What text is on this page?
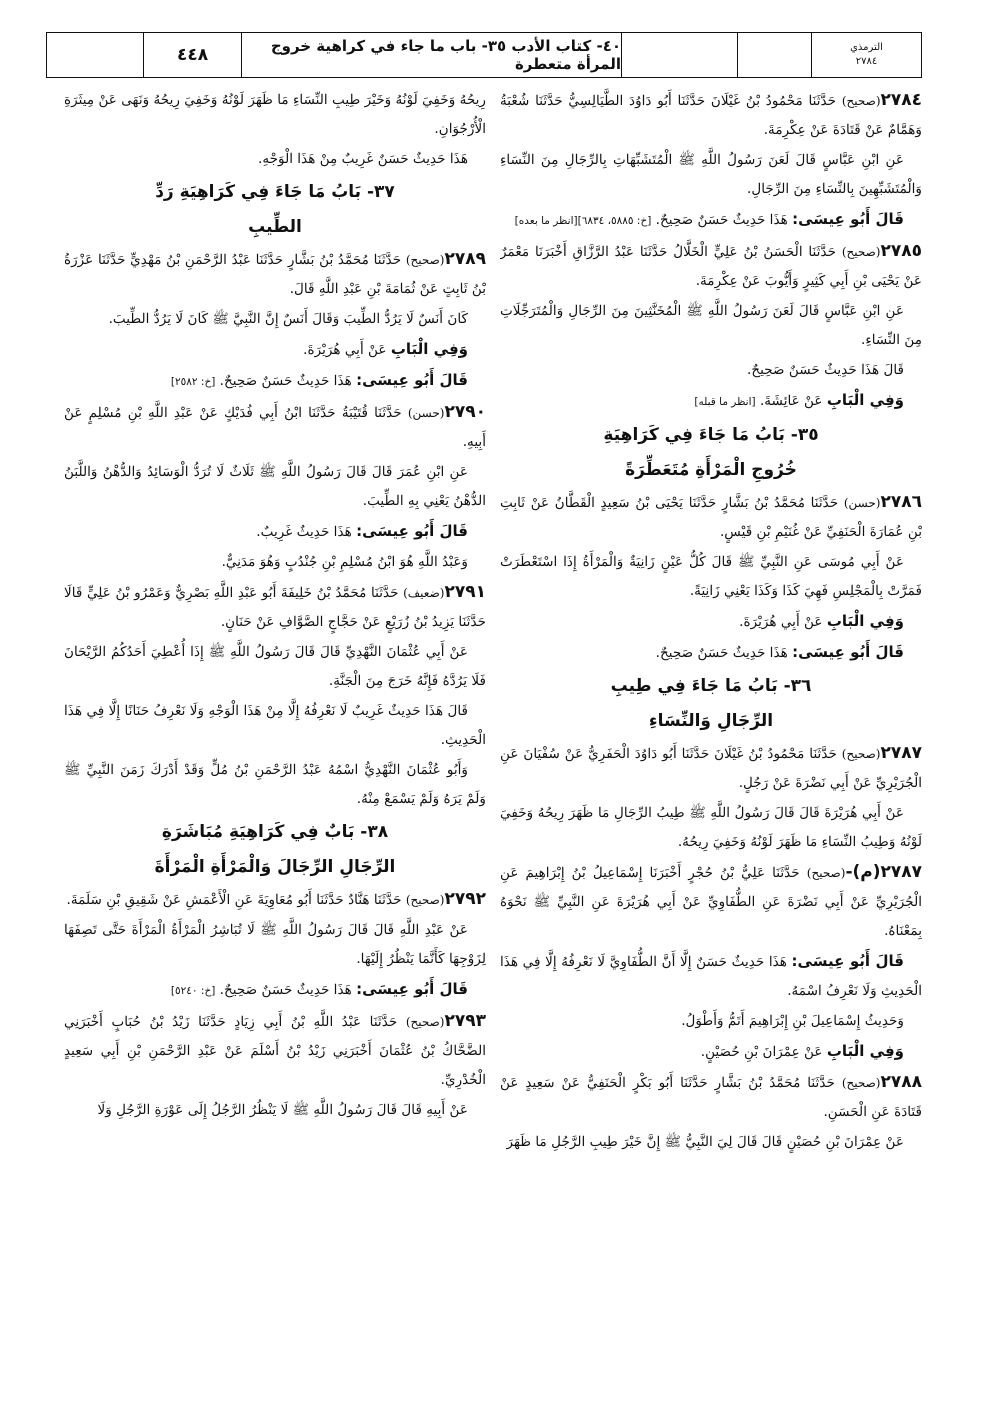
الترمذي
٢٧٨٤
٤٠- كتاب الأدب ٣٥- باب ما جاء في كراهية خروج المرأة متعطرة
٤٤٨
٢٧٨٤(صحيح) حَدَّثَنَا مَحْمُودُ بْنُ غَيْلَانَ حَدَّثَنَا أَبُو دَاوُدَ الطَّيَالِسِيُّ حَدَّثَنَا شُعْبَةُ وَهَمَّامٌ عَنْ قَتَادَةَ عَنْ عِكْرِمَةَ.
عَنِ ابْنِ عَبَّاسٍ قَالَ لَعَنَ رَسُولُ اللَّهِ ﷺ الْمُتَشَبِّهَاتِ بِالرِّجَالِ مِنَ النِّسَاءِ وَالْمُتَشَبِّهِينَ بِالنِّسَاءِ مِنَ الرِّجَالِ.
قَالَ أَبُو عِيسَى: هَذَا حَدِيثٌ حَسَنٌ صَحِيحٌ. [خ: ٥٨٨٥، ٦٨٣٤][انظر ما بعده]
٢٧٨٥(صحيح) حَدَّثَنَا الْحَسَنُ بْنُ عَلِيٍّ الْخَلَّالُ حَدَّثَنَا عَبْدُ الرَّزَّاقِ أَخْبَرَنَا مَعْمَرٌ عَنْ يَحْيَى بْنِ أَبِي كَثِيرٍ وَأَيُّوبَ عَنْ عِكْرِمَةَ.
عَنِ ابْنِ عَبَّاسٍ قَالَ لَعَنَ رَسُولُ اللَّهِ ﷺ الْمُخَنَّثِينَ مِنَ الرِّجَالِ وَالْمُتَرَجِّلَاتِ مِنَ النِّسَاءِ.
قَالَ هَذَا حَدِيثٌ حَسَنٌ صَحِيحٌ.
وَفِي الْبَابِ عَنْ عَائِشَةَ. [انظر ما قبله]
٣٥- بَابُ مَا جَاءَ فِي كَرَاهِيَةِ
خُرُوجِ الْمَرْأَةِ مُتَعَطِّرَةً
٢٧٨٦(حسن) حَدَّثَنَا مُحَمَّدُ بْنُ بَشَّارٍ حَدَّثَنَا يَحْيَى بْنُ سَعِيدٍ الْقَطَّانُ عَنْ ثَابِتِ بْنِ عُمَارَةَ الْحَنَفِيِّ عَنْ غُنَيْمِ بْنِ قَيْسٍ.
عَنْ أَبِي مُوسَى عَنِ النَّبِيِّ ﷺ قَالَ كُلُّ عَيْنٍ زَانِيَةٌ وَالْمَرْأَةُ إِذَا اسْتَعْطَرَتْ فَمَرَّتْ بِالْمَجْلِسِ فَهِيَ كَذَا وَكَذَا يَعْنِي زَانِيَةً.
وَفِي الْبَابِ عَنْ أَبِي هُرَيْرَةَ.
قَالَ أَبُو عِيسَى: هَذَا حَدِيثٌ حَسَنٌ صَحِيحٌ.
٣٦- بَابُ مَا جَاءَ فِي طِيبِ
الرِّجَالِ وَالنِّسَاءِ
٢٧٨٧(صحيح) حَدَّثَنَا مَحْمُودُ بْنُ غَيْلَانَ حَدَّثَنَا أَبُو دَاوُدَ الْحَفَرِيُّ عَنْ سُفْيَانَ عَنِ الْجُرَيْرِيِّ عَنْ أَبِي نَضْرَةَ عَنْ رَجُلٍ.
عَنْ أَبِي هُرَيْرَةَ قَالَ قَالَ رَسُولُ اللَّهِ ﷺ طِيبُ الرِّجَالِ مَا ظَهَرَ رِيحُهُ وَخَفِيَ لَوْنُهُ وَطِيبُ النِّسَاءِ مَا ظَهَرَ لَوْنُهُ وَخَفِيَ رِيحُهُ.
٢٧٨٧(م)-(صحيح) حَدَّثَنَا عَلِيُّ بْنُ حُجْرٍ أَخْبَرَنَا إِسْمَاعِيلُ بْنُ إِبْرَاهِيمَ عَنِ الْجُرَيْرِيِّ عَنْ أَبِي نَضْرَةَ عَنِ الطُّفَاوِيِّ عَنْ أَبِي هُرَيْرَةَ عَنِ النَّبِيِّ ﷺ نَحْوَهُ بِمَعْنَاهُ.
قَالَ أَبُو عِيسَى: هَذَا حَدِيثٌ حَسَنٌ إِلَّا أَنَّ الطُّفَاوِيَّ لَا نَعْرِفُهُ إِلَّا فِي هَذَا الْحَدِيثِ وَلَا نَعْرِفُ اسْمَهُ.
وَحَدِيثُ إِسْمَاعِيلَ بْنِ إِبْرَاهِيمَ أَتَمُّ وَأَطْوَلُ.
وَفِي الْبَابِ عَنْ عِمْرَانَ بْنِ حُصَيْنٍ.
٢٧٨٨(صحيح) حَدَّثَنَا مُحَمَّدُ بْنُ بَشَّارٍ حَدَّثَنَا أَبُو بَكْرٍ الْحَنَفِيُّ عَنْ سَعِيدٍ عَنْ قَتَادَةَ عَنِ الْحَسَنِ.
عَنْ عِمْرَانَ بْنِ حُصَيْنٍ قَالَ قَالَ لِيَ النَّبِيُّ ﷺ إِنَّ خَيْرَ طِيبِ الرَّجُلِ مَا ظَهَرَ
رِيحُهُ وَخَفِيَ لَوْنُهُ وَخَيْرَ طِيبِ النِّسَاءِ مَا ظَهَرَ لَوْنُهُ وَخَفِيَ رِيحُهُ وَنَهَى عَنْ مِيثَرَةِ الْأُرْجُوَانِ.
هَذَا حَدِيثٌ حَسَنٌ غَرِيبٌ مِنْ هَذَا الْوَجْهِ.
٣٧- بَابُ مَا جَاءَ فِي كَرَاهِيَةِ رَدِّ
الطِّيبِ
٢٧٨٩(صحيح) حَدَّثَنَا مُحَمَّدُ بْنُ بَشَّارٍ حَدَّثَنَا عَبْدُ الرَّحْمَنِ بْنُ مَهْدِيٍّ حَدَّثَنَا عَزْرَةُ بْنُ ثَابِتٍ عَنْ ثُمَامَةَ بْنِ عَبْدِ اللَّهِ قَالَ.
كَانَ أَنَسٌ لَا يَرُدُّ الطِّيبَ وَقَالَ أَنَسٌ إِنَّ النَّبِيَّ ﷺ كَانَ لَا يَرُدُّ الطِّيبَ.
وَفِي الْبَابِ عَنْ أَبِي هُرَيْرَةَ.
قَالَ أَبُو عِيسَى: هَذَا حَدِيثٌ حَسَنٌ صَحِيحٌ. [خ: ٢٥٨٢]
٢٧٩٠(حسن) حَدَّثَنَا قُتَيْبَةُ حَدَّثَنَا ابْنُ أَبِي فُدَيْكٍ عَنْ عَبْدِ اللَّهِ بْنِ مُسْلِمٍ عَنْ أَبِيهِ.
عَنِ ابْنِ عُمَرَ قَالَ قَالَ رَسُولُ اللَّهِ ﷺ ثَلَاثٌ لَا تُرَدُّ الْوَسَائِدُ وَالدُّهْنُ وَاللَّبَنُ الدُّهْنُ يَعْنِي بِهِ الطِّيبَ.
قَالَ أَبُو عِيسَى: هَذَا حَدِيثٌ غَرِيبٌ.
وَعَبْدُ اللَّهِ هُوَ ابْنُ مُسْلِمِ بْنِ جُنْدُبٍ وَهُوَ مَدَنِيٌّ.
٢٧٩١(ضعيف) حَدَّثَنَا مُحَمَّدُ بْنُ خَلِيفَةَ أَبُو عَبْدِ اللَّهِ بَصْرِيٌّ وَعَمْرُو بْنُ عَلِيٍّ قَالَا حَدَّثَنَا يَزِيدُ بْنُ زُرَيْعٍ عَنْ حَجَّاجٍ الصَّوَّافِ عَنْ حَنَانٍ.
عَنْ أَبِي عُثْمَانَ النَّهْدِيِّ قَالَ قَالَ رَسُولُ اللَّهِ ﷺ إِذَا أُعْطِيَ أَحَدُكُمُ الرَّيْحَانَ فَلَا يَرُدَّهُ فَإِنَّهُ خَرَجَ مِنَ الْجَنَّةِ.
قَالَ هَذَا حَدِيثٌ غَرِيبٌ لَا نَعْرِفُهُ إِلَّا مِنْ هَذَا الْوَجْهِ وَلَا نَعْرِفُ حَنَانًا إِلَّا فِي هَذَا الْحَدِيثِ.
وَأَبُو عُثْمَانَ النَّهْدِيُّ اسْمُهُ عَبْدُ الرَّحْمَنِ بْنُ مُلٍّ وَقَدْ أَدْرَكَ زَمَنَ النَّبِيِّ ﷺ وَلَمْ يَرَهُ وَلَمْ يَسْمَعْ مِنْهُ.
٣٨- بَابٌ فِي كَرَاهِيَةِ مُبَاشَرَةِ
الرِّجَالِ الرِّجَالَ وَالْمَرْأَةِ الْمَرْأَةَ
٢٧٩٢(صحيح) حَدَّثَنَا هَنَّادٌ حَدَّثَنَا أَبُو مُعَاوِيَةَ عَنِ الْأَعْمَشِ عَنْ شَقِيقِ بْنِ سَلَمَةَ.
عَنْ عَبْدِ اللَّهِ قَالَ قَالَ رَسُولُ اللَّهِ ﷺ لَا تُبَاشِرُ الْمَرْأَةُ الْمَرْأَةَ حَتَّى تَصِفَهَا لِزَوْجِهَا كَأَنَّمَا يَنْظُرُ إِلَيْهَا.
قَالَ أَبُو عِيسَى: هَذَا حَدِيثٌ حَسَنٌ صَحِيحٌ. [خ: ٥٢٤٠]
٢٧٩٣(صحيح) حَدَّثَنَا عَبْدُ اللَّهِ بْنُ أَبِي زِيَادٍ حَدَّثَنَا زَيْدُ بْنُ حُبَابٍ أَخْبَرَنِي الضَّحَّاكُ بْنُ عُثْمَانَ أَخْبَرَنِي زَيْدُ بْنُ أَسْلَمَ عَنْ عَبْدِ الرَّحْمَنِ بْنِ أَبِي سَعِيدٍ الْخُدْرِيِّ.
عَنْ أَبِيهِ قَالَ قَالَ رَسُولُ اللَّهِ ﷺ لَا يَنْظُرُ الرَّجُلُ إِلَى عَوْرَةِ الرَّجُلِ وَلَا
